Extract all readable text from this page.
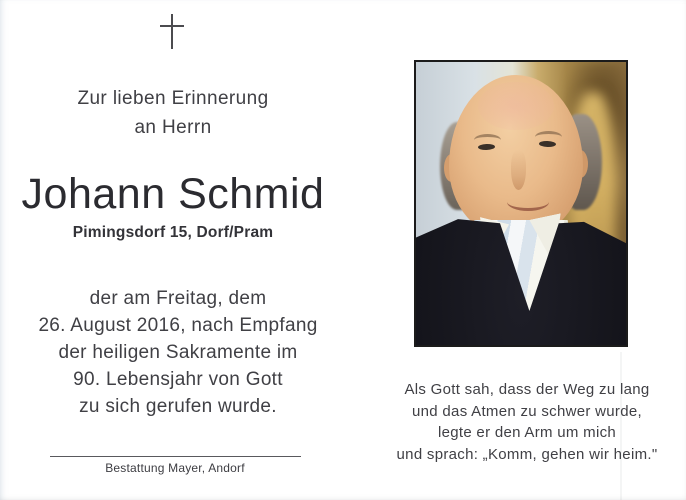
Zur lieben Erinnerung
an Herrn
Johann Schmid
Pimingsdorf 15, Dorf/Pram
der am Freitag, dem
26. August 2016, nach Empfang
der heiligen Sakramente im
90. Lebensjahr von Gott
zu sich gerufen wurde.
Bestattung Mayer, Andorf
Als Gott sah, dass der Weg zu lang
und das Atmen zu schwer wurde,
legte er den Arm um mich
und sprach: „Komm, gehen wir heim."
